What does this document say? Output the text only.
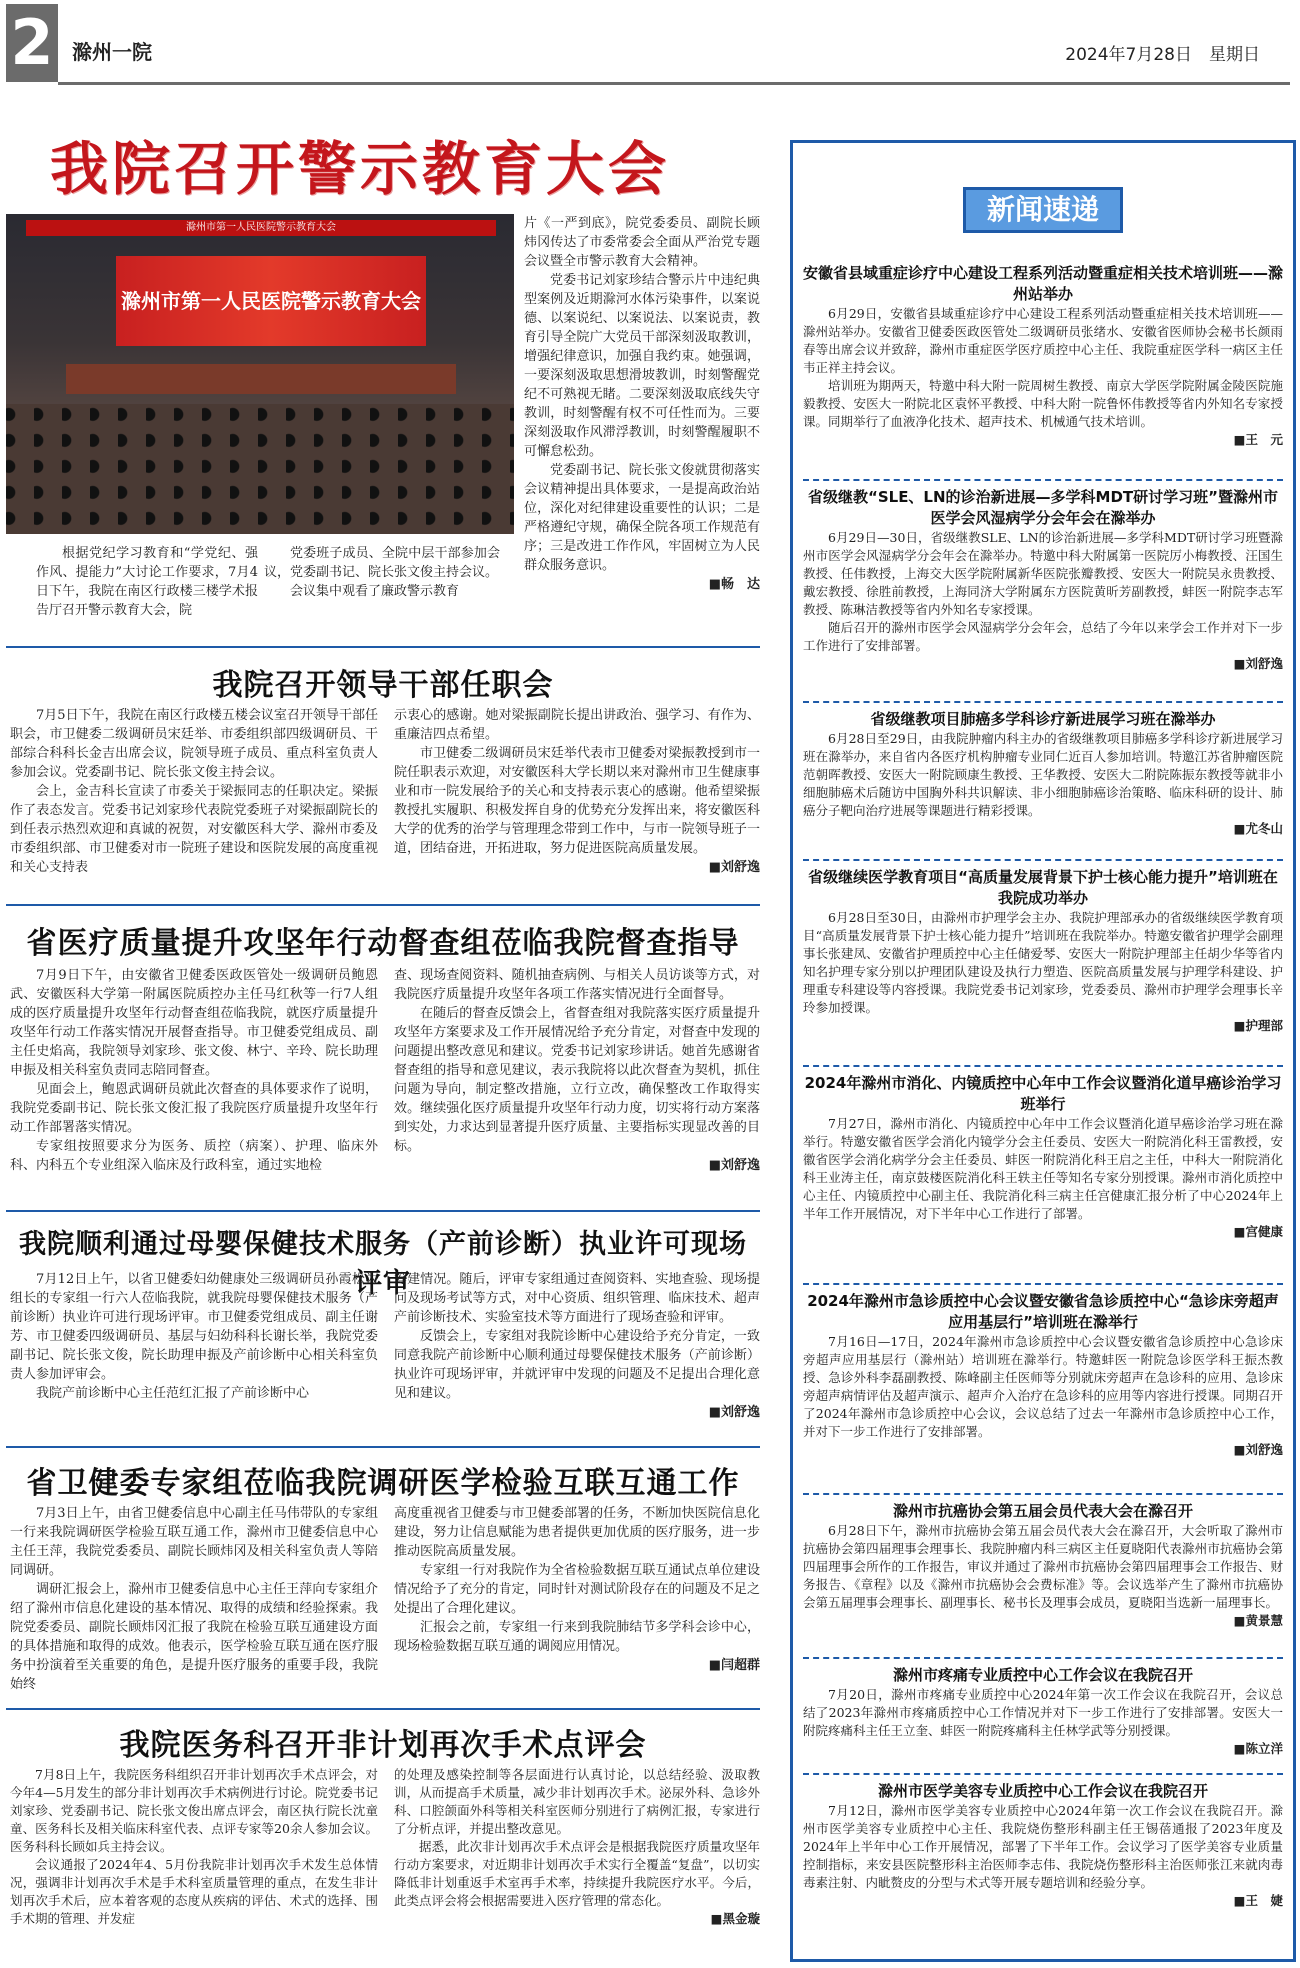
2 滁州一院	2024年7月28日　星期日
我院召开警示教育大会
滁州市第一人民医院警示教育大会
滁州市第一人民医院警示教育大会

根据党纪学习教育和“学党纪、强作风、提能力”大讨论工作要求，7月4日下午，我院在南区行政楼三楼学术报告厅召开警示教育大会，院

党委班子成员、全院中层干部参加会议，党委副书记、院长张文俊主持会议。

会议集中观看了廉政警示教育

片《一严到底》，院党委委员、副院长顾炜冈传达了市委常委会全面从严治党专题会议暨全市警示教育大会精神。

党委书记刘家珍结合警示片中违纪典型案例及近期滁河水体污染事件，以案说德、以案说纪、以案说法、以案说责，教育引导全院广大党员干部深刻汲取教训，增强纪律意识，加强自我约束。她强调，一要深刻汲取思想滑坡教训，时刻警醒党纪不可熟视无睹。二要深刻汲取底线失守教训，时刻警醒有权不可任性而为。三要深刻汲取作风滞浮教训，时刻警醒履职不可懈怠松劲。

党委副书记、院长张文俊就贯彻落实会议精神提出具体要求，一是提高政治站位，深化对纪律建设重要性的认识；二是严格遵纪守规，确保全院各项工作规范有序；三是改进工作作风，牢固树立为人民群众服务意识。

■ 畅　达

我院召开领导干部任职会

7月5日下午，我院在南区行政楼五楼会议室召开领导干部任职会，市卫健委二级调研员宋廷举、市委组织部四级调研员、干部综合科科长金吉出席会议，院领导班子成员、重点科室负责人参加会议。党委副书记、院长张文俊主持会议。

会上，金吉科长宣读了市委关于梁振同志的任职决定。梁振作了表态发言。党委书记刘家珍代表院党委班子对梁振副院长的到任表示热烈欢迎和真诚的祝贺，对安徽医科大学、滁州市委及市委组织部、市卫健委对市一院班子建设和医院发展的高度重视和关心支持表

示衷心的感谢。她对梁振副院长提出讲政治、强学习、有作为、重廉洁四点希望。

市卫健委二级调研员宋廷举代表市卫健委对梁振教授到市一院任职表示欢迎，对安徽医科大学长期以来对滁州市卫生健康事业和市一院发展给予的关心和支持表示衷心的感谢。他希望梁振教授扎实履职、积极发挥自身的优势充分发挥出来，将安徽医科大学的优秀的治学与管理理念带到工作中，与市一院领导班子一道，团结奋进，开拓进取，努力促进医院高质量发展。

■ 刘舒逸

省医疗质量提升攻坚年行动督查组莅临我院督查指导

7月9日下午，由安徽省卫健委医政医管处一级调研员鲍恩武、安徽医科大学第一附属医院质控办主任马红秋等一行7人组成的医疗质量提升攻坚年行动督查组莅临我院，就医疗质量提升攻坚年行动工作落实情况开展督查指导。市卫健委党组成员、副主任史焰高，我院领导刘家珍、张文俊、林宁、辛玲、院长助理申振及相关科室负责同志陪同督查。

见面会上，鲍恩武调研员就此次督查的具体要求作了说明，我院党委副书记、院长张文俊汇报了我院医疗质量提升攻坚年行动工作部署落实情况。

专家组按照要求分为医务、质控（病案）、护理、临床外科、内科五个专业组深入临床及行政科室，通过实地检

查、现场查阅资料、随机抽查病例、与相关人员访谈等方式，对我院医疗质量提升攻坚年各项工作落实情况进行全面督导。

在随后的督查反馈会上，省督查组对我院落实医疗质量提升攻坚年方案要求及工作开展情况给予充分肯定，对督查中发现的问题提出整改意见和建议。党委书记刘家珍讲话。她首先感谢省督查组的指导和意见建议，表示我院将以此次督查为契机，抓住问题为导向，制定整改措施，立行立改，确保整改工作取得实效。继续强化医疗质量提升攻坚年行动力度，切实将行动方案落到实处，力求达到显著提升医疗质量、主要指标实现显改善的目标。

■ 刘舒逸

我院顺利通过母婴保健技术服务（产前诊断）执业许可现场评审

7月12日上午，以省卫健委妇幼健康处三级调研员孙霞松为组长的专家组一行六人莅临我院，就我院母婴保健技术服务（产前诊断）执业许可进行现场评审。市卫健委党组成员、副主任谢芳、市卫健委四级调研员、基层与妇幼科科长谢长举，我院党委副书记、院长张文俊，院长助理申振及产前诊断中心相关科室负责人参加评审会。

我院产前诊断中心主任范红汇报了产前诊断中心

筹建情况。随后，评审专家组通过查阅资料、实地查验、现场提问及现场考试等方式，对中心资质、组织管理、临床技术、超声产前诊断技术、实验室技术等方面进行了现场查验和评审。

反馈会上，专家组对我院诊断中心建设给予充分肯定，一致同意我院产前诊断中心顺利通过母婴保健技术服务（产前诊断）执业许可现场评审，并就评审中发现的问题及不足提出合理化意见和建议。

■ 刘舒逸

省卫健委专家组莅临我院调研医学检验互联互通工作

7月3日上午，由省卫健委信息中心副主任马伟带队的专家组一行来我院调研医学检验互联互通工作，滁州市卫健委信息中心主任王萍，我院党委委员、副院长顾炜冈及相关科室负责人等陪同调研。

调研汇报会上，滁州市卫健委信息中心主任王萍向专家组介绍了滁州市信息化建设的基本情况、取得的成绩和经验探索。我院党委委员、副院长顾炜冈汇报了我院在检验互联互通建设方面的具体措施和取得的成效。他表示，医学检验互联互通在医疗服务中扮演着至关重要的角色，是提升医疗服务的重要手段，我院始终

高度重视省卫健委与市卫健委部署的任务，不断加快医院信息化建设，努力让信息赋能为患者提供更加优质的医疗服务，进一步推动医院高质量发展。

专家组一行对我院作为全省检验数据互联互通试点单位建设情况给予了充分的肯定，同时针对测试阶段存在的问题及不足之处提出了合理化建议。

汇报会之前，专家组一行来到我院肺结节多学科会诊中心，现场检验数据互联互通的调阅应用情况。

■ 闫超群

我院医务科召开非计划再次手术点评会

7月8日上午，我院医务科组织召开非计划再次手术点评会，对今年4—5月发生的部分非计划再次手术病例进行讨论。院党委书记刘家珍、党委副书记、院长张文俊出席点评会，南区执行院长沈童童、医务科长及相关临床科室代表、点评专家等20余人参加会议。医务科科长顾如兵主持会议。

会议通报了2024年4、5月份我院非计划再次手术发生总体情况，强调非计划再次手术是手术科室质量管理的重点，在发生非计划再次手术后，应本着客观的态度从疾病的评估、术式的选择、围手术期的管理、并发症

的处理及感染控制等各层面进行认真讨论，以总结经验、汲取教训，从而提高手术质量，减少非计划再次手术。泌尿外科、急诊外科、口腔颌面外科等相关科室医师分别进行了病例汇报，专家进行了分析点评，并提出整改意见。

据悉，此次非计划再次手术点评会是根据我院医疗质量攻坚年行动方案要求，对近期非计划再次手术实行全覆盖“复盘”，以切实降低非计划重返手术室再手术率，持续提升我院医疗水平。今后，此类点评会将会根据需要进入医疗管理的常态化。

■ 黑金璇

新闻速递
安徽省县域重症诊疗中心建设工程系列活动暨重症相关技术培训班——滁州站举办

6月29日，安徽省县域重症诊疗中心建设工程系列活动暨重症相关技术培训班——滁州站举办。安徽省卫健委医政医管处二级调研员张绪水、安徽省医师协会秘书长颜雨春等出席会议并致辞，滁州市重症医学医疗质控中心主任、我院重症医学科一病区主任韦正祥主持会议。

培训班为期两天，特邀中科大附一院周树生教授、南京大学医学院附属金陵医院施毅教授、安医大一附院北区袁怀平教授、中科大附一院鲁怀伟教授等省内外知名专家授课。同期举行了血液净化技术、超声技术、机械通气技术培训。

■ 王　元

省级继教“SLE、LN的诊治新进展—多学科MDT研讨学习班”暨滁州市医学会风湿病学分会年会在滁举办

6月29日—30日，省级继教SLE、LN的诊治新进展—多学科MDT研讨学习班暨滁州市医学会风湿病学分会年会在滁举办。特邀中科大附属第一医院厉小梅教授、汪国生教授、任伟教授，上海交大医学院附属新华医院张瓣教授、安医大一附院吴永贵教授、戴宏教授、徐胜前教授，上海同济大学附属东方医院黄昕芳副教授，蚌医一附院李志军教授、陈琳洁教授等省内外知名专家授课。

随后召开的滁州市医学会风湿病学分会年会，总结了今年以来学会工作并对下一步工作进行了安排部署。

■ 刘舒逸

省级继教项目肺癌多学科诊疗新进展学习班在滁举办

6月28日至29日，由我院肿瘤内科主办的省级继教项目肺癌多学科诊疗新进展学习班在滁举办，来自省内各医疗机构肿瘤专业同仁近百人参加培训。特邀江苏省肿瘤医院范朝晖教授、安医大一附院顾康生教授、王华教授、安医大二附院陈振东教授等就非小细胞肺癌术后随访中国胸外科共识解读、非小细胞肺癌诊治策略、临床科研的设计、肺癌分子靶向治疗进展等课题进行精彩授课。

■ 尤冬山

省级继续医学教育项目“高质量发展背景下护士核心能力提升”培训班在我院成功举办

6月28日至30日，由滁州市护理学会主办、我院护理部承办的省级继续医学教育项目“高质量发展背景下护士核心能力提升”培训班在我院举办。特邀安徽省护理学会副理事长张建凤、安徽省护理质控中心主任储爱琴、安医大一附院护理部主任胡少华等省内知名护理专家分别以护理团队建设及执行力塑造、医院高质量发展与护理学科建设、护理重专科建设等内容授课。我院党委书记刘家珍，党委委员、滁州市护理学会理事长辛玲参加授课。

■ 护理部

2024年滁州市消化、内镜质控中心年中工作会议暨消化道早癌诊治学习班举行

7月27日，滁州市消化、内镜质控中心年中工作会议暨消化道早癌诊治学习班在滁举行。特邀安徽省医学会消化内镜学分会主任委员、安医大一附院消化科王雷教授，安徽省医学会消化病学分会主任委员、蚌医一附院消化科王启之主任，中科大一附院消化科王业涛主任，南京鼓楼医院消化科王轶主任等知名专家分别授课。滁州市消化质控中心主任、内镜质控中心副主任、我院消化科三病主任宫健康汇报分析了中心2024年上半年工作开展情况，对下半年中心工作进行了部署。

■ 宫健康

2024年滁州市急诊质控中心会议暨安徽省急诊质控中心“急诊床旁超声应用基层行”培训班在滁举行

7月16日—17日，2024年滁州市急诊质控中心会议暨安徽省急诊质控中心急诊床旁超声应用基层行（滁州站）培训班在滁举行。特邀蚌医一附院急诊医学科王振杰教授、急诊外科李磊副教授、陈峰副主任医师等分别就床旁超声在急诊科的应用、急诊床旁超声病情评估及超声演示、超声介入治疗在急诊科的应用等内容进行授课。同期召开了2024年滁州市急诊质控中心会议，会议总结了过去一年滁州市急诊质控中心工作，并对下一步工作进行了安排部署。

■ 刘舒逸

滁州市抗癌协会第五届会员代表大会在滁召开

6月28日下午，滁州市抗癌协会第五届会员代表大会在滁召开，大会听取了滁州市抗癌协会第四届理事会理事长、我院肿瘤内科三病区主任夏晓阳代表滁州市抗癌协会第四届理事会所作的工作报告，审议并通过了滁州市抗癌协会第四届理事会工作报告、财务报告、《章程》以及《滁州市抗癌协会会费标准》等。会议选举产生了滁州市抗癌协会第五届理事会理事长、副理事长、秘书长及理事会成员，夏晓阳当选新一届理事长。

■ 黄景慧

滁州市疼痛专业质控中心工作会议在我院召开

7月20日，滁州市疼痛专业质控中心2024年第一次工作会议在我院召开，会议总结了2023年滁州市疼痛质控中心工作情况并对下一步工作进行了安排部署。安医大一附院疼痛科主任王立奎、蚌医一附院疼痛科主任林学武等分别授课。

■ 陈立洋

滁州市医学美容专业质控中心工作会议在我院召开

7月12日，滁州市医学美容专业质控中心2024年第一次工作会议在我院召开。滁州市医学美容专业质控中心主任、我院烧伤整形科副主任王锡蓓通报了2023年度及2024年上半年中心工作开展情况，部署了下半年工作。会议学习了医学美容专业质量控制指标，来安县医院整形科主治医师李志伟、我院烧伤整形科主治医师张江来就肉毒毒素注射、内眦赘皮的分型与术式等开展专题培训和经验分享。

■ 王　婕
